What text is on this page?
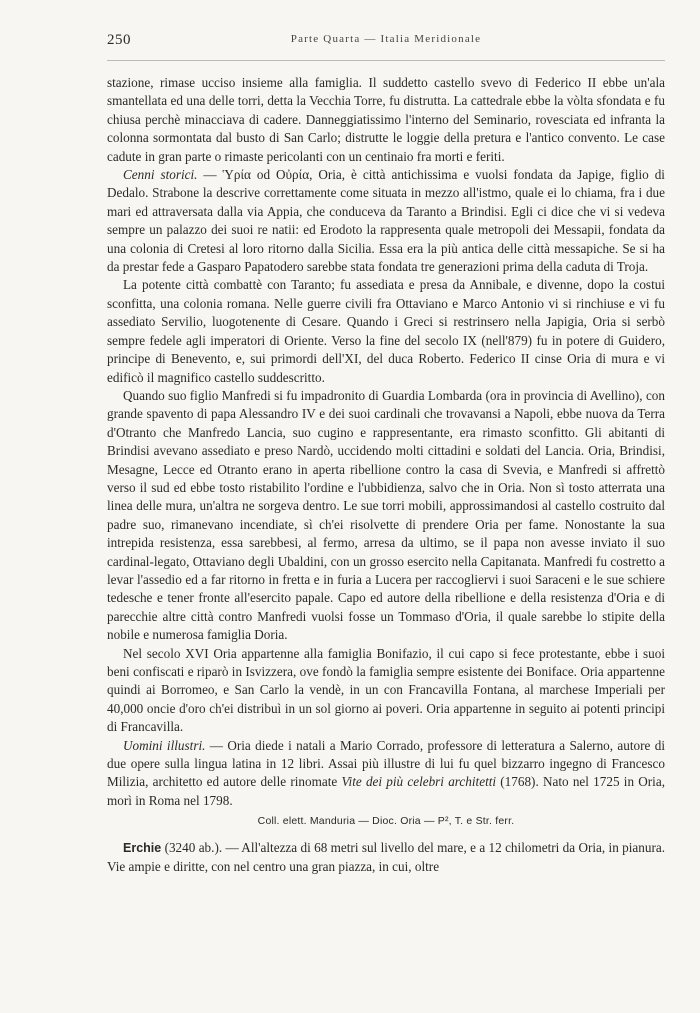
250	Parte Quarta — Italia Meridionale

stazione, rimase ucciso insieme alla famiglia. Il suddetto castello svevo di Federico II ebbe un'ala smantellata ed una delle torri, detta la Vecchia Torre, fu distrutta. La cattedrale ebbe la vòlta sfondata e fu chiusa perchè minacciava di cadere. Danneggiatissimo l'interno del Seminario, rovesciata ed infranta la colonna sormontata dal busto di San Carlo; distrutte le loggie della pretura e l'antico convento. Le case cadute in gran parte o rimaste pericolanti con un centinaio fra morti e feriti.

Cenni storici. — Ὑρία od Οὐρία, Oria, è città antichissima e vuolsi fondata da Japige, figlio di Dedalo. Strabone la descrive correttamente come situata in mezzo all'istmo, quale ei lo chiama, fra i due mari ed attraversata dalla via Appia, che conduceva da Taranto a Brindisi. Egli ci dice che vi si vedeva sempre un palazzo dei suoi re natii: ed Erodoto la rappresenta quale metropoli dei Messapii, fondata da una colonia di Cretesi al loro ritorno dalla Sicilia. Essa era la più antica delle città messapiche. Se si ha da prestar fede a Gasparo Papatodero sarebbe stata fondata tre generazioni prima della caduta di Troja.

La potente città combattè con Taranto; fu assediata e presa da Annibale, e divenne, dopo la costui sconfitta, una colonia romana. Nelle guerre civili fra Ottaviano e Marco Antonio vi si rinchiuse e vi fu assediato Servilio, luogotenente di Cesare. Quando i Greci si restrinsero nella Japigia, Oria si serbò sempre fedele agli imperatori di Oriente. Verso la fine del secolo IX (nell'879) fu in potere di Guidero, principe di Benevento, e, sui primordi dell'XI, del duca Roberto. Federico II cinse Oria di mura e vi edificò il magnifico castello suddescritto.

Quando suo figlio Manfredi si fu impadronito di Guardia Lombarda (ora in provincia di Avellino), con grande spavento di papa Alessandro IV e dei suoi cardinali che trovavansi a Napoli, ebbe nuova da Terra d'Otranto che Manfredo Lancia, suo cugino e rappresentante, era rimasto sconfitto. Gli abitanti di Brindisi avevano assediato e preso Nardò, uccidendo molti cittadini e soldati del Lancia. Oria, Brindisi, Mesagne, Lecce ed Otranto erano in aperta ribellione contro la casa di Svevia, e Manfredi si affrettò verso il sud ed ebbe tosto ristabilito l'ordine e l'ubbidienza, salvo che in Oria. Non sì tosto atterrata una linea delle mura, un'altra ne sorgeva dentro. Le sue torri mobili, approssimandosi al castello costruito dal padre suo, rimanevano incendiate, sì ch'ei risolvette di prendere Oria per fame. Nonostante la sua intrepida resistenza, essa sarebbesi, al fermo, arresa da ultimo, se il papa non avesse inviato il suo cardinal-legato, Ottaviano degli Ubaldini, con un grosso esercito nella Capitanata. Manfredi fu costretto a levar l'assedio ed a far ritorno in fretta e in furia a Lucera per raccogliervi i suoi Saraceni e le sue schiere tedesche e tener fronte all'esercito papale. Capo ed autore della ribellione e della resistenza d'Oria e di parecchie altre città contro Manfredi vuolsi fosse un Tommaso d'Oria, il quale sarebbe lo stipite della nobile e numerosa famiglia Doria.

Nel secolo XVI Oria appartenne alla famiglia Bonifazio, il cui capo si fece protestante, ebbe i suoi beni confiscati e riparò in Isvizzera, ove fondò la famiglia sempre esistente dei Boniface. Oria appartenne quindi ai Borromeo, e San Carlo la vendè, in un con Francavilla Fontana, al marchese Imperiali per 40,000 oncie d'oro ch'ei distribuì in un sol giorno ai poveri. Oria appartenne in seguito ai potenti principi di Francavilla.

Uomini illustri. — Oria diede i natali a Mario Corrado, professore di letteratura a Salerno, autore di due opere sulla lingua latina in 12 libri. Assai più illustre di lui fu quel bizzarro ingegno di Francesco Milizia, architetto ed autore delle rinomate Vite dei più celebri architetti (1768). Nato nel 1725 in Oria, morì in Roma nel 1798.

Coll. elett. Manduria — Dioc. Oria — P², T. e Str. ferr.

Erchie (3240 ab.). — All'altezza di 68 metri sul livello del mare, e a 12 chilometri da Oria, in pianura. Vie ampie e diritte, con nel centro una gran piazza, in cui, oltre
